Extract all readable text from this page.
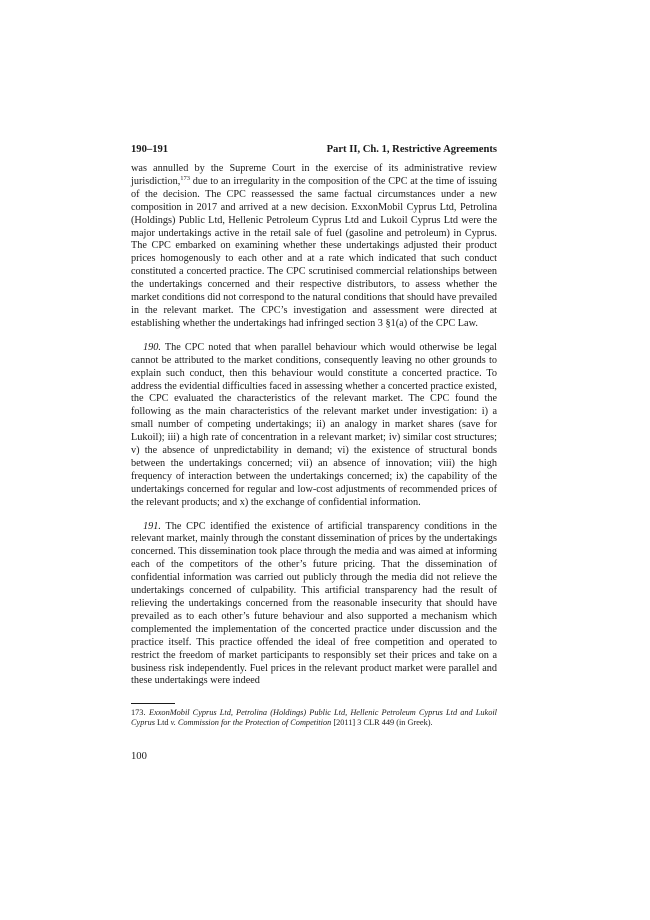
190–191	Part II, Ch. 1, Restrictive Agreements

was annulled by the Supreme Court in the exercise of its administrative review jurisdiction,$^{173}$ due to an irregularity in the composition of the CPC at the time of issuing of the decision. The CPC reassessed the same factual circumstances under a new composition in 2017 and arrived at a new decision. ExxonMobil Cyprus Ltd, Petrolina (Holdings) Public Ltd, Hellenic Petroleum Cyprus Ltd and Lukoil Cyprus Ltd were the major undertakings active in the retail sale of fuel (gasoline and petroleum) in Cyprus. The CPC embarked on examining whether these undertakings adjusted their product prices homogenously to each other and at a rate which indicated that such conduct constituted a concerted practice. The CPC scrutinised commercial relationships between the undertakings concerned and their respective distributors, to assess whether the market conditions did not correspond to the natural conditions that should have prevailed in the relevant market. The CPC’s investigation and assessment were directed at establishing whether the undertakings had infringed section 3 §1(a) of the CPC Law.

190. The CPC noted that when parallel behaviour which would otherwise be legal cannot be attributed to the market conditions, consequently leaving no other grounds to explain such conduct, then this behaviour would constitute a concerted practice. To address the evidential difficulties faced in assessing whether a concerted practice existed, the CPC evaluated the characteristics of the relevant market. The CPC found the following as the main characteristics of the relevant market under investigation: i) a small number of competing undertakings; ii) an analogy in market shares (save for Lukoil); iii) a high rate of concentration in a relevant market; iv) similar cost structures; v) the absence of unpredictability in demand; vi) the existence of structural bonds between the undertakings concerned; vii) an absence of innovation; viii) the high frequency of interaction between the undertakings concerned; ix) the capability of the undertakings concerned for regular and low-cost adjustments of recommended prices of the relevant products; and x) the exchange of confidential information.

191. The CPC identified the existence of artificial transparency conditions in the relevant market, mainly through the constant dissemination of prices by the undertakings concerned. This dissemination took place through the media and was aimed at informing each of the competitors of the other’s future pricing. That the dissemination of confidential information was carried out publicly through the media did not relieve the undertakings concerned of culpability. This artificial transparency had the result of relieving the undertakings concerned from the reasonable insecurity that should have prevailed as to each other’s future behaviour and also supported a mechanism which complemented the implementation of the concerted practice under discussion and the practice itself. This practice offended the ideal of free competition and operated to restrict the freedom of market participants to responsibly set their prices and take on a business risk independently. Fuel prices in the relevant product market were parallel and these undertakings were indeed

173. ExxonMobil Cyprus Ltd, Petrolina (Holdings) Public Ltd, Hellenic Petroleum Cyprus Ltd and Lukoil Cyprus Ltd v. Commission for the Protection of Competition [2011] 3 CLR 449 (in Greek).
100
